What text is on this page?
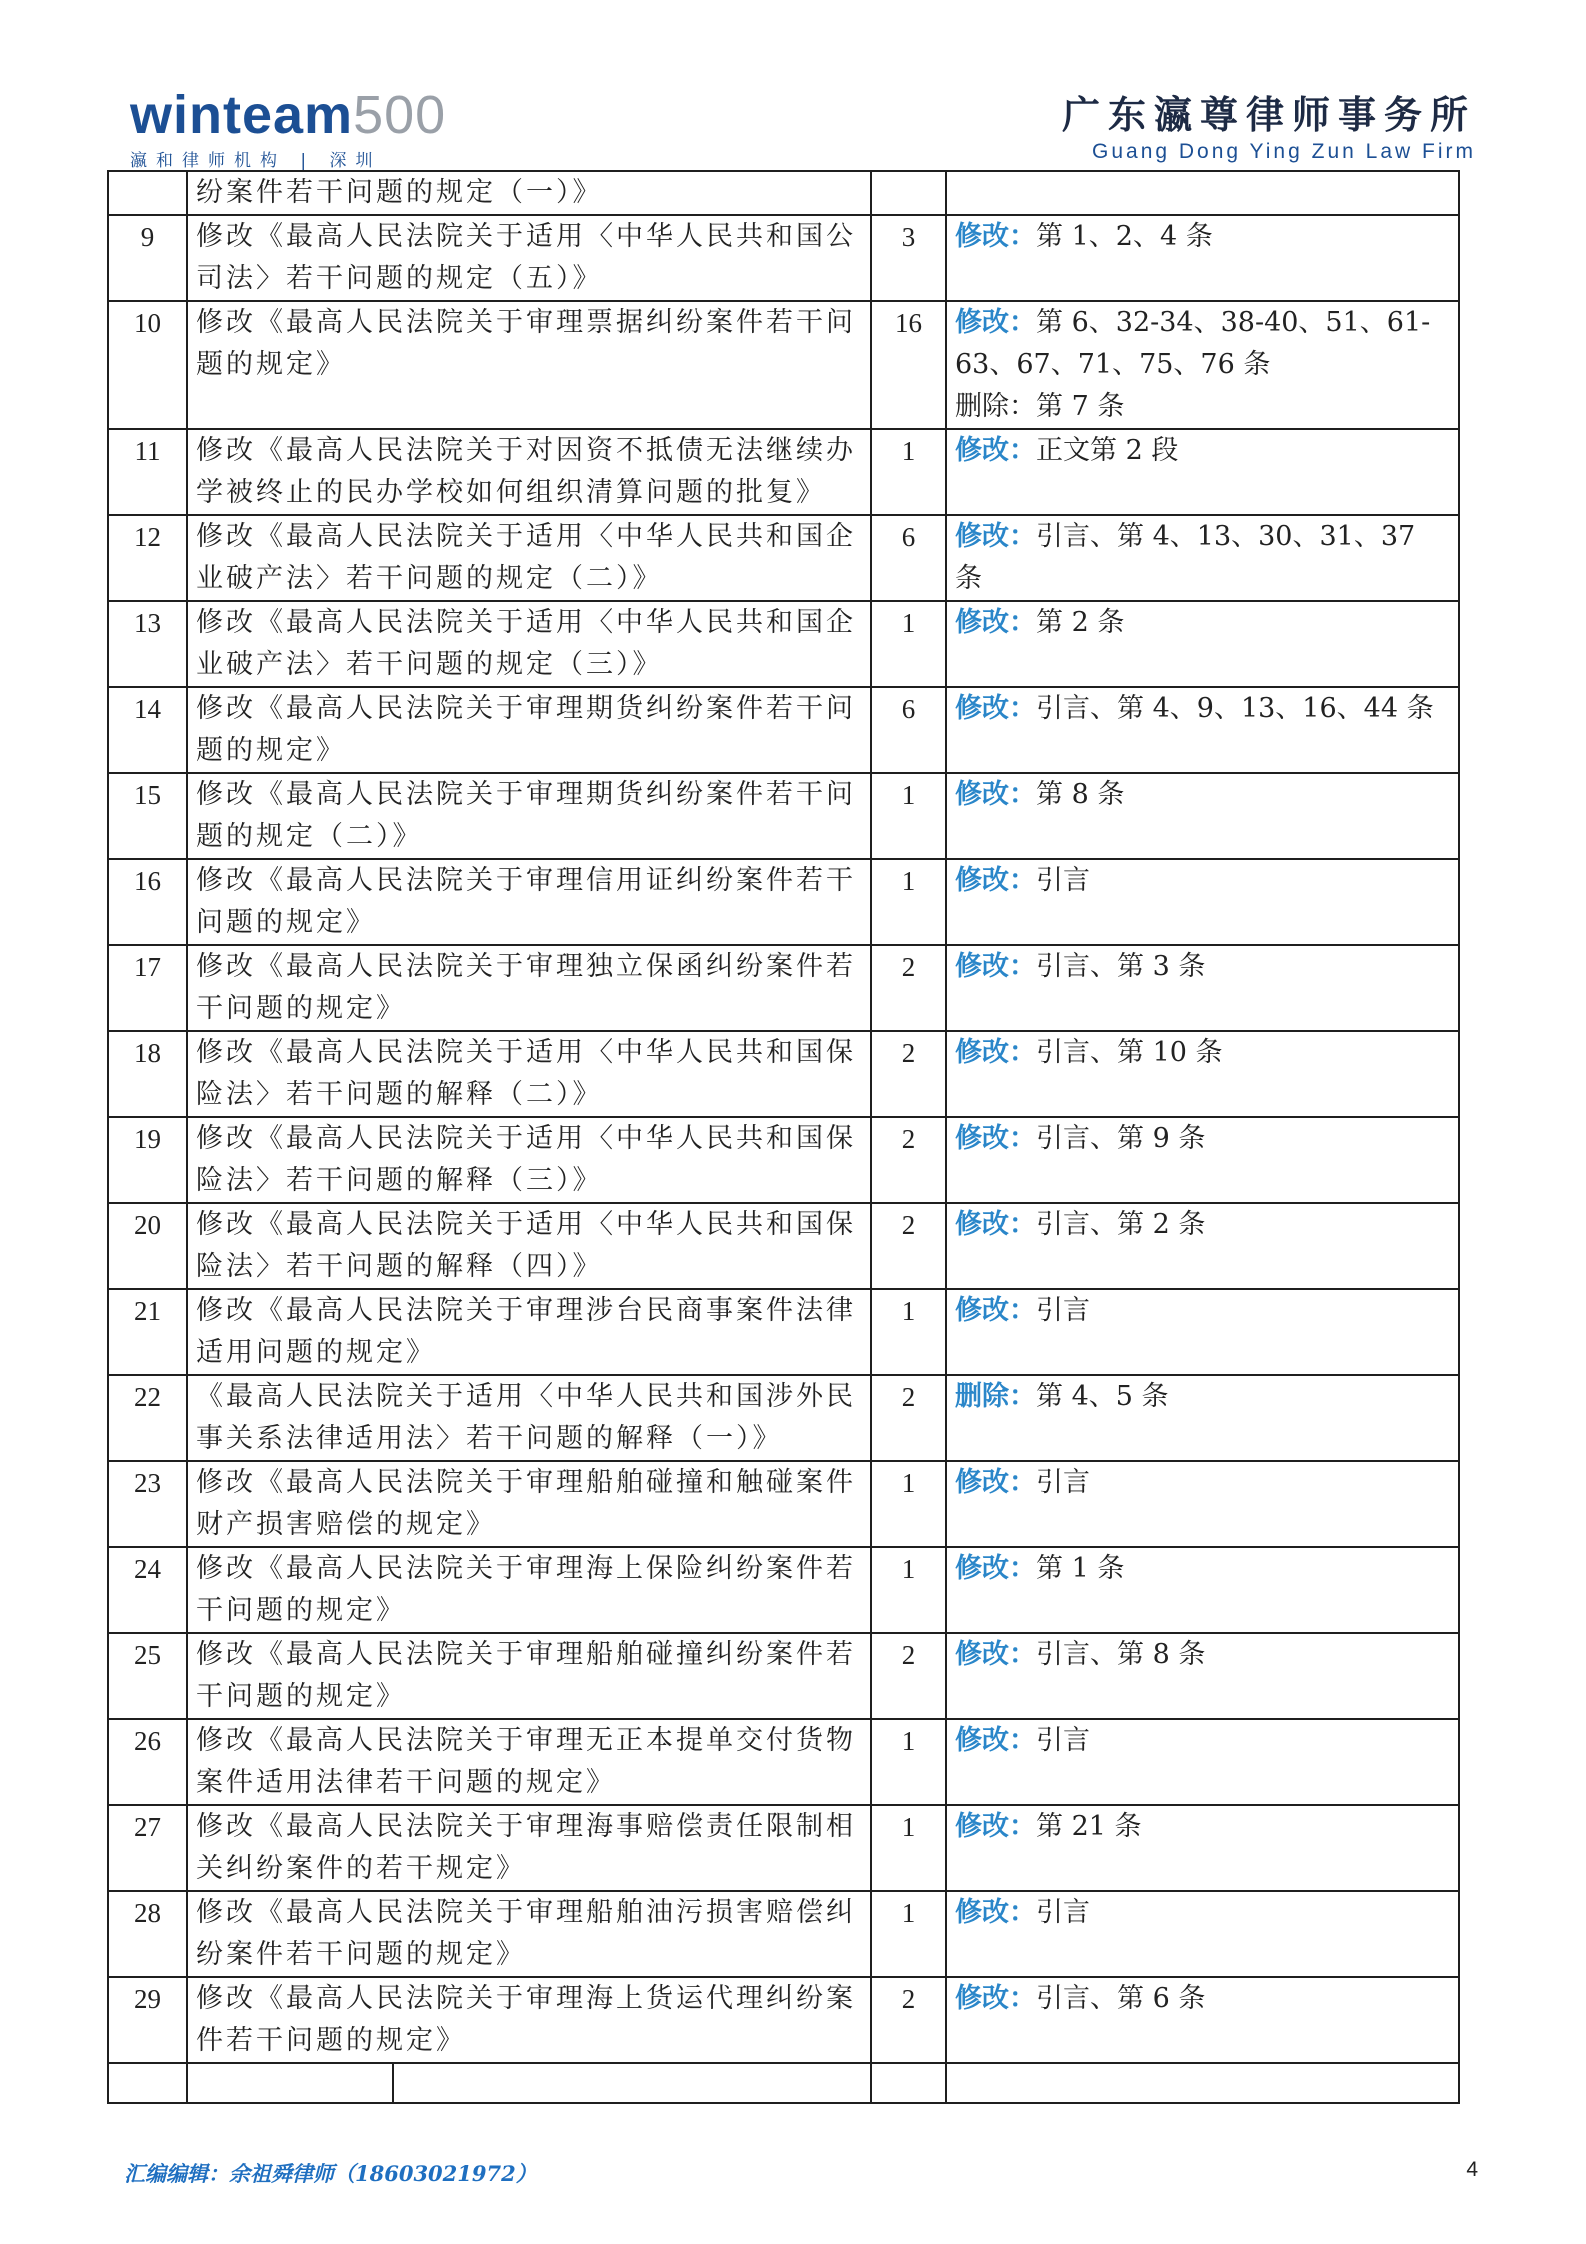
winteam500
瀛和律师机构 | 深圳
广东瀛尊律师事务所
Guang Dong Ying Zun Law Firm
	纷案件若干问题的规定（一）》			
9	修改《最高人民法院关于适用〈中华人民共和国公司法〉若干问题的规定（五）》		3	修改：第 1、2、4 条
10	修改《最高人民法院关于审理票据纠纷案件若干问题的规定》		16	修改：第 6、32-34、38-40、51、61-63、67、71、75、76 条
删除：第 7 条

11	修改《最高人民法院关于对因资不抵债无法继续办学被终止的民办学校如何组织清算问题的批复》		1	修改：正文第 2 段
12	修改《最高人民法院关于适用〈中华人民共和国企业破产法〉若干问题的规定（二）》		6	修改：引言、第 4、13、30、31、37 条
13	修改《最高人民法院关于适用〈中华人民共和国企业破产法〉若干问题的规定（三）》		1	修改：第 2 条
14	修改《最高人民法院关于审理期货纠纷案件若干问题的规定》		6	修改：引言、第 4、9、13、16、44 条
15	修改《最高人民法院关于审理期货纠纷案件若干问题的规定（二）》		1	修改：第 8 条
16	修改《最高人民法院关于审理信用证纠纷案件若干问题的规定》		1	修改：引言
17	修改《最高人民法院关于审理独立保函纠纷案件若干问题的规定》		2	修改：引言、第 3 条
18	修改《最高人民法院关于适用〈中华人民共和国保险法〉若干问题的解释（二）》		2	修改：引言、第 10 条
19	修改《最高人民法院关于适用〈中华人民共和国保险法〉若干问题的解释（三）》		2	修改：引言、第 9 条
20	修改《最高人民法院关于适用〈中华人民共和国保险法〉若干问题的解释（四）》		2	修改：引言、第 2 条
21	修改《最高人民法院关于审理涉台民商事案件法律适用问题的规定》		1	修改：引言
22	《最高人民法院关于适用〈中华人民共和国涉外民事关系法律适用法〉若干问题的解释（一）》		2	删除：第 4、5 条
23	修改《最高人民法院关于审理船舶碰撞和触碰案件财产损害赔偿的规定》		1	修改：引言
24	修改《最高人民法院关于审理海上保险纠纷案件若干问题的规定》		1	修改：第 1 条
25	修改《最高人民法院关于审理船舶碰撞纠纷案件若干问题的规定》		2	修改：引言、第 8 条
26	修改《最高人民法院关于审理无正本提单交付货物案件适用法律若干问题的规定》		1	修改：引言
27	修改《最高人民法院关于审理海事赔偿责任限制相关纠纷案件的若干规定》		1	修改：第 21 条
28	修改《最高人民法院关于审理船舶油污损害赔偿纠纷案件若干问题的规定》		1	修改：引言
29	修改《最高人民法院关于审理海上货运代理纠纷案件若干问题的规定》		2	修改：引言、第 6 条

汇编编辑：余祖舜律师（18603021972）	4
